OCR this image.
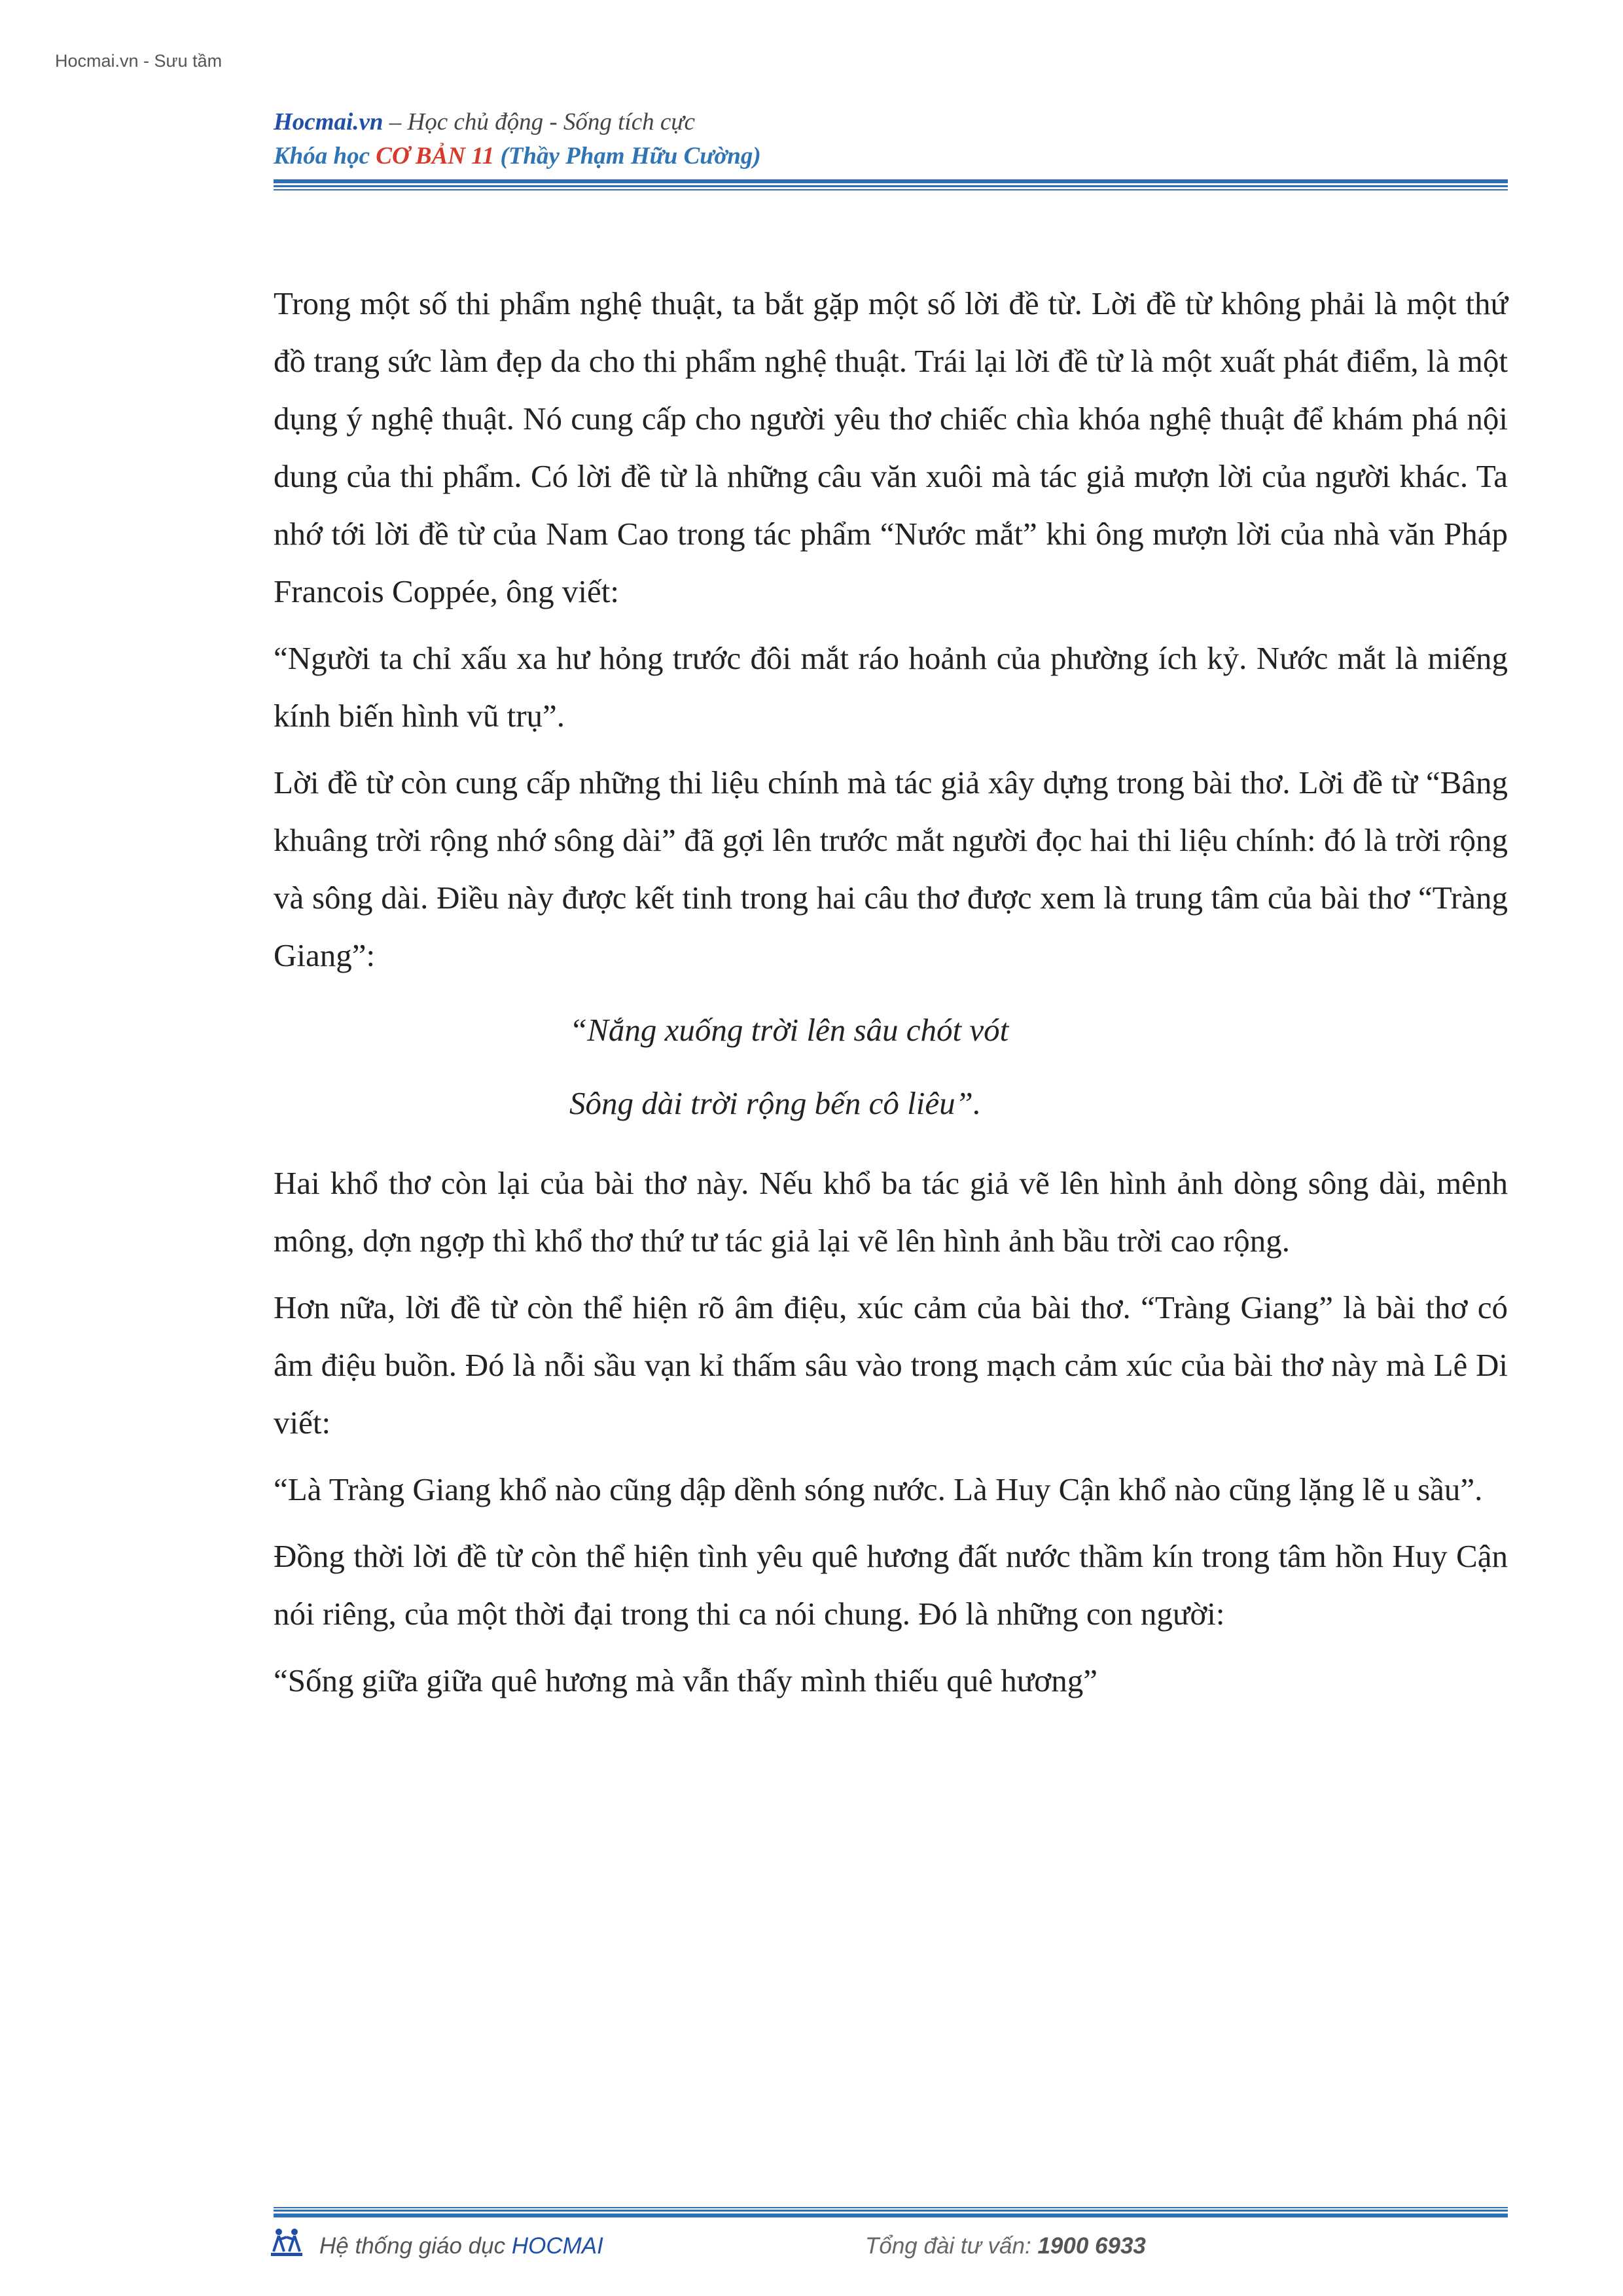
Hocmai.vn - Sưu tầm
Hocmai.vn – Học chủ động - Sống tích cực
Khóa học CƠ BẢN 11 (Thầy Phạm Hữu Cường)

Trong một số thi phẩm nghệ thuật, ta bắt gặp một số lời đề từ. Lời đề từ không phải là một thứ đồ trang sức làm đẹp da cho thi phẩm nghệ thuật. Trái lại lời đề từ là một xuất phát điểm, là một dụng ý nghệ thuật. Nó cung cấp cho người yêu thơ chiếc chìa khóa nghệ thuật để khám phá nội dung của thi phẩm. Có lời đề từ là những câu văn xuôi mà tác giả mượn lời của người khác. Ta nhớ tới lời đề từ của Nam Cao trong tác phẩm “Nước mắt” khi ông mượn lời của nhà văn Pháp Francois Coppée, ông viết:

“Người ta chỉ xấu xa hư hỏng trước đôi mắt ráo hoảnh của phường ích kỷ. Nước mắt là miếng kính biến hình vũ trụ”.

Lời đề từ còn cung cấp những thi liệu chính mà tác giả xây dựng trong bài thơ. Lời đề từ “Bâng khuâng trời rộng nhớ sông dài” đã gợi lên trước mắt người đọc hai thi liệu chính: đó là trời rộng và sông dài. Điều này được kết tinh trong hai câu thơ được xem là trung tâm của bài thơ “Tràng Giang”:

“Nắng xuống trời lên sâu chót vót
Sông dài trời rộng bến cô liêu”.

Hai khổ thơ còn lại của bài thơ này. Nếu khổ ba tác giả vẽ lên hình ảnh dòng sông dài, mênh mông, dợn ngợp thì khổ thơ thứ tư tác giả lại vẽ lên hình ảnh bầu trời cao rộng.

Hơn nữa, lời đề từ còn thể hiện rõ âm điệu, xúc cảm của bài thơ. “Tràng Giang” là bài thơ có âm điệu buồn. Đó là nỗi sầu vạn kỉ thấm sâu vào trong mạch cảm xúc của bài thơ này mà Lê Di viết:

“Là Tràng Giang khổ nào cũng dập dềnh sóng nước. Là Huy Cận khổ nào cũng lặng lẽ u sầu”.

Đồng thời lời đề từ còn thể hiện tình yêu quê hương đất nước thầm kín trong tâm hồn Huy Cận nói riêng, của một thời đại trong thi ca nói chung. Đó là những con người:

“Sống giữa giữa quê hương mà vẫn thấy mình thiếu quê hương”

Hệ thống giáo dục HOCMAI	Tổng đài tư vấn: 1900 6933
